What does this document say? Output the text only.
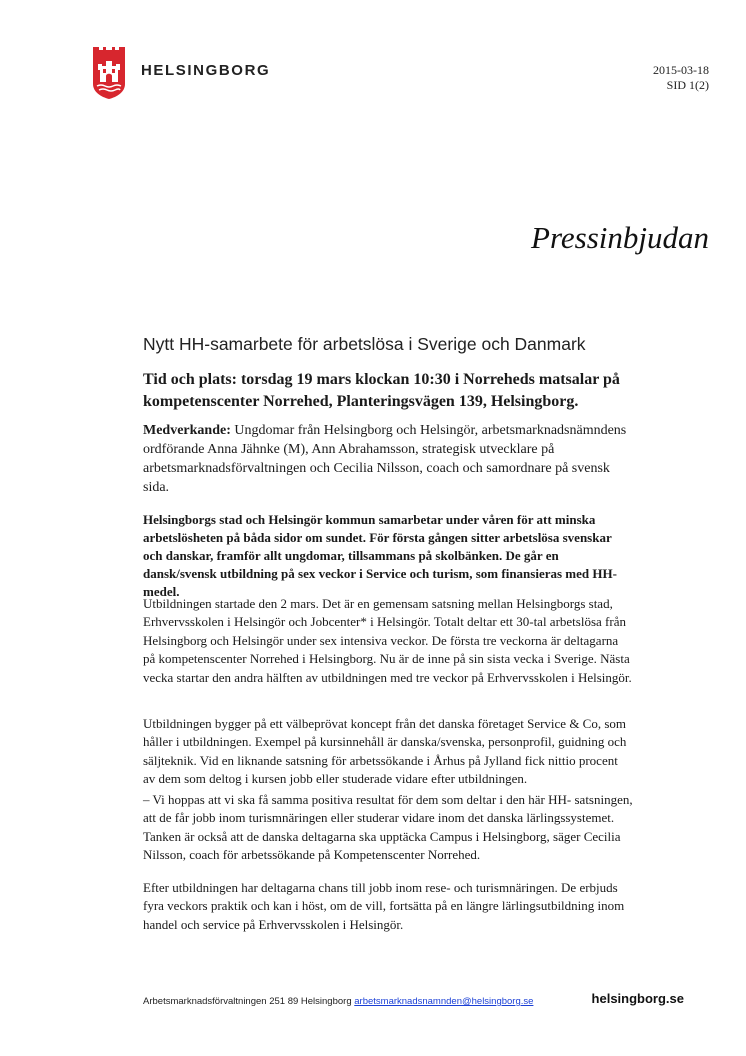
HELSINGBORG	2015-03-18
SID 1(2)
Pressinbjudan
Nytt HH-samarbete för arbetslösa i Sverige och Danmark
Tid och plats: torsdag 19 mars klockan 10:30 i Norreheds matsalar på kompetenscenter Norrehed, Planteringsvägen 139, Helsingborg.
Medverkande: Ungdomar från Helsingborg och Helsingör, arbetsmarknadsnämndens ordförande Anna Jähnke (M), Ann Abrahamsson, strategisk utvecklare på arbetsmarknadsförvaltningen och Cecilia Nilsson, coach och samordnare på svensk sida.
Helsingborgs stad och Helsingör kommun samarbetar under våren för att minska arbetslösheten på båda sidor om sundet. För första gången sitter arbetslösa svenskar och danskar, framför allt ungdomar, tillsammans på skolbänken. De går en dansk/svensk utbildning på sex veckor i Service och turism, som finansieras med HH-medel.

Utbildningen startade den 2 mars. Det är en gemensam satsning mellan Helsingborgs stad, Erhvervsskolen i Helsingör och Jobcenter* i Helsingör. Totalt deltar ett 30-tal arbetslösa från Helsingborg och Helsingör under sex intensiva veckor. De första tre veckorna är deltagarna på kompetenscenter Norrehed i Helsingborg. Nu är de inne på sin sista vecka i Sverige. Nästa vecka startar den andra hälften av utbildningen med tre veckor på Erhvervsskolen i Helsingör.

Utbildningen bygger på ett välbeprövat koncept från det danska företaget Service & Co, som håller i utbildningen. Exempel på kursinnehåll är danska/svenska, personprofil, guidning och säljteknik. Vid en liknande satsning för arbetssökande i Århus på Jylland fick nittio procent av dem som deltog i kursen jobb eller studerade vidare efter utbildningen.

– Vi hoppas att vi ska få samma positiva resultat för dem som deltar i den här HH- satsningen, att de får jobb inom turismnäringen eller studerar vidare inom det danska lärlingssystemet. Tanken är också att de danska deltagarna ska upptäcka Campus i Helsingborg, säger Cecilia Nilsson, coach för arbetssökande på Kompetenscenter Norrehed.

Efter utbildningen har deltagarna chans till jobb inom rese- och turismnäringen. De erbjuds fyra veckors praktik och kan i höst, om de vill, fortsätta på en längre lärlingsutbildning inom handel och service på Erhvervsskolen i Helsingör.

Arbetsmarknadsförvaltningen 251 89 Helsingborg arbetsmarknadsnamnden@helsingborg.se	helsingborg.se
